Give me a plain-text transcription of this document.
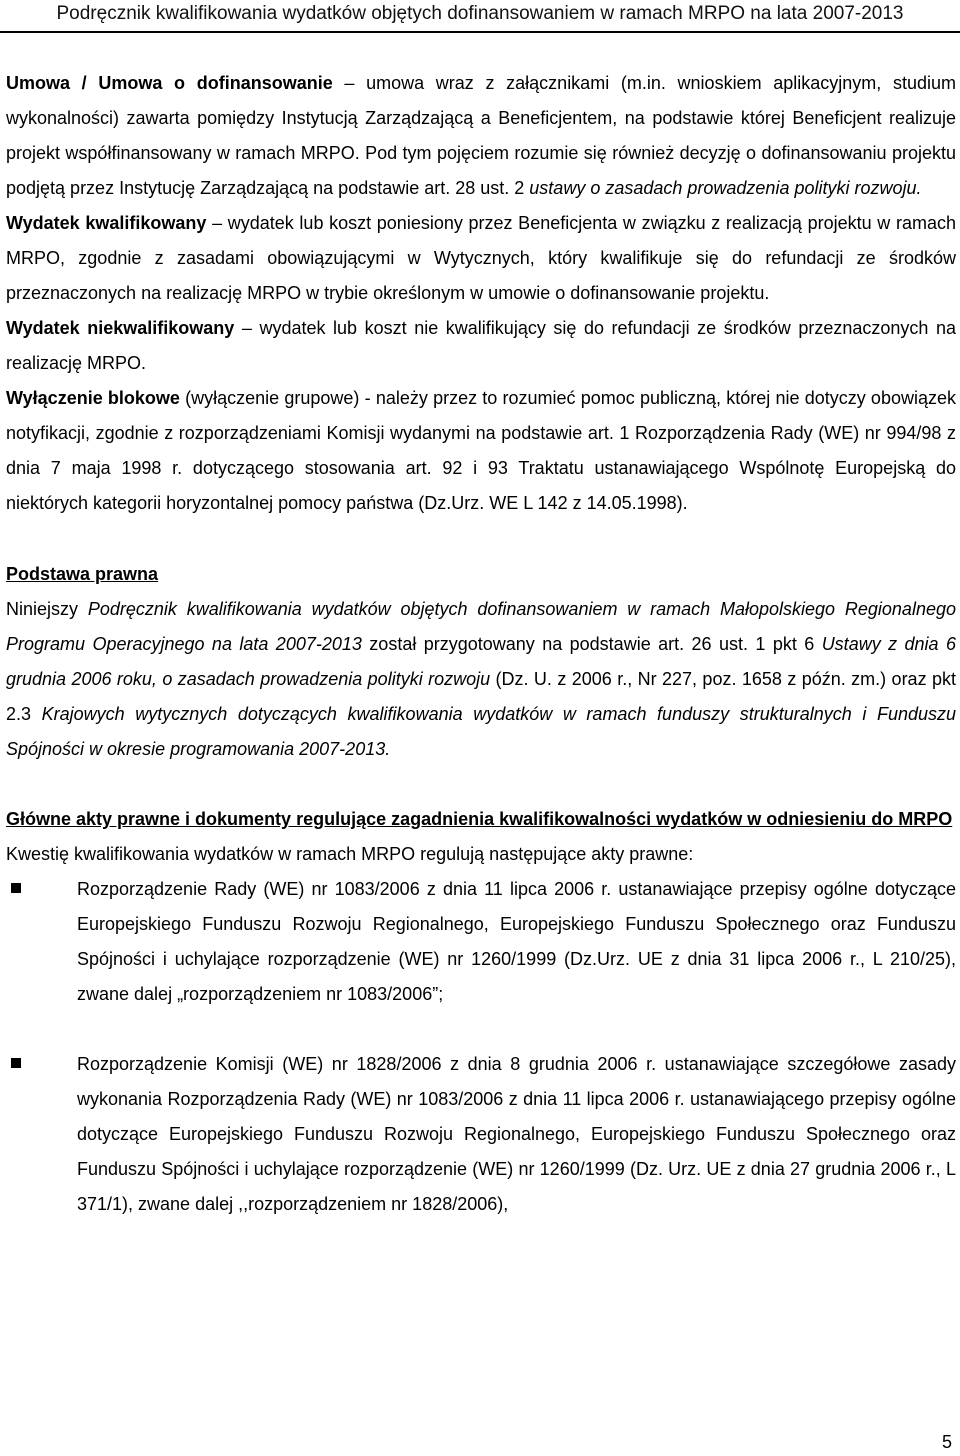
Podręcznik kwalifikowania wydatków objętych dofinansowaniem w ramach MRPO na lata 2007-2013

Umowa / Umowa o dofinansowanie – umowa wraz z załącznikami (m.in. wnioskiem aplikacyjnym, studium wykonalności) zawarta pomiędzy Instytucją Zarządzającą a Beneficjentem, na podstawie której Beneficjent realizuje projekt współfinansowany w ramach MRPO. Pod tym pojęciem rozumie się również decyzję o dofinansowaniu projektu podjętą przez Instytucję Zarządzającą na podstawie art. 28 ust. 2 ustawy o zasadach prowadzenia polityki rozwoju.

Wydatek kwalifikowany – wydatek lub koszt poniesiony przez Beneficjenta w związku z realizacją projektu w ramach MRPO, zgodnie z zasadami obowiązującymi w Wytycznych, który kwalifikuje się do refundacji ze środków przeznaczonych na realizację MRPO w trybie określonym w umowie o dofinansowanie projektu.

Wydatek niekwalifikowany – wydatek lub koszt nie kwalifikujący się do refundacji ze środków przeznaczonych na realizację MRPO.

Wyłączenie blokowe (wyłączenie grupowe) - należy przez to rozumieć pomoc publiczną, której nie dotyczy obowiązek notyfikacji, zgodnie z rozporządzeniami Komisji wydanymi na podstawie art. 1 Rozporządzenia Rady (WE) nr 994/98 z dnia 7 maja 1998 r. dotyczącego stosowania art. 92 i 93 Traktatu ustanawiającego Wspólnotę Europejską do niektórych kategorii horyzontalnej pomocy państwa (Dz.Urz. WE L 142 z 14.05.1998).

Podstawa prawna

Niniejszy Podręcznik kwalifikowania wydatków objętych dofinansowaniem w ramach Małopolskiego Regionalnego Programu Operacyjnego na lata 2007-2013 został przygotowany na podstawie art. 26 ust. 1 pkt 6 Ustawy z dnia 6 grudnia 2006 roku, o zasadach prowadzenia polityki rozwoju (Dz. U. z 2006 r., Nr 227, poz. 1658 z późn. zm.) oraz pkt 2.3 Krajowych wytycznych dotyczących kwalifikowania wydatków w ramach funduszy strukturalnych i Funduszu Spójności w okresie programowania 2007-2013.

Główne akty prawne i dokumenty regulujące zagadnienia kwalifikowalności wydatków w odniesieniu do MRPO

Kwestię kwalifikowania wydatków w ramach MRPO regulują następujące akty prawne:

Rozporządzenie Rady (WE) nr 1083/2006 z dnia 11 lipca 2006 r. ustanawiające przepisy ogólne dotyczące Europejskiego Funduszu Rozwoju Regionalnego, Europejskiego Funduszu Społecznego oraz Funduszu Spójności i uchylające rozporządzenie (WE) nr 1260/1999 (Dz.Urz. UE z dnia 31 lipca 2006 r., L 210/25), zwane dalej „rozporządzeniem nr 1083/2006”;
Rozporządzenie Komisji (WE) nr 1828/2006 z dnia 8 grudnia 2006 r. ustanawiające szczegółowe zasady wykonania Rozporządzenia Rady (WE) nr 1083/2006 z dnia 11 lipca 2006 r. ustanawiającego przepisy ogólne dotyczące Europejskiego Funduszu Rozwoju Regionalnego, Europejskiego Funduszu Społecznego oraz Funduszu Spójności i uchylające rozporządzenie (WE) nr 1260/1999 (Dz. Urz. UE z dnia 27 grudnia 2006 r., L 371/1), zwane dalej ,,rozporządzeniem nr 1828/2006),
5
